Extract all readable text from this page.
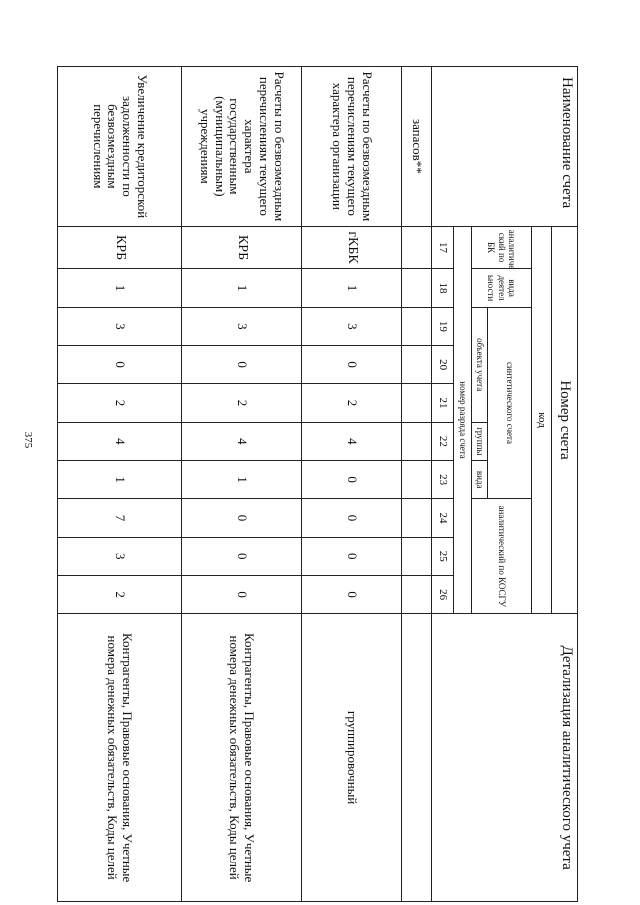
375
Наименование счета	Номер счета										Детализация аналитического учета
	код										
	аналитиче ский по БК	вида деятел ьности	синтетического счета					аналитический по КОСГУ			
			объекта учета			группы	вида				
	номер разряда счета										
	17	18	19	20	21	22	23	24	25	26	
запасов**											
Расчеты по безвозмездным перечислениям текущего характера организации	гКБК	1	3	0	2	4	0	0	0	0	группировочный
Расчеты по безвозмездным перечислениям текущего характера государственным (муниципальным) учреждениям	КРБ	1	3	0	2	4	1	0	0	0	Контрагенты, Правовые основания, Учетные номера денежных обязательств, Коды целей
Увеличение кредиторской задолженности по безвозмездным перечислениям	КРБ	1	3	0	2	4	1	7	3	2	Контрагенты, Правовые основания, Учетные номера денежных обязательств, Коды целей
